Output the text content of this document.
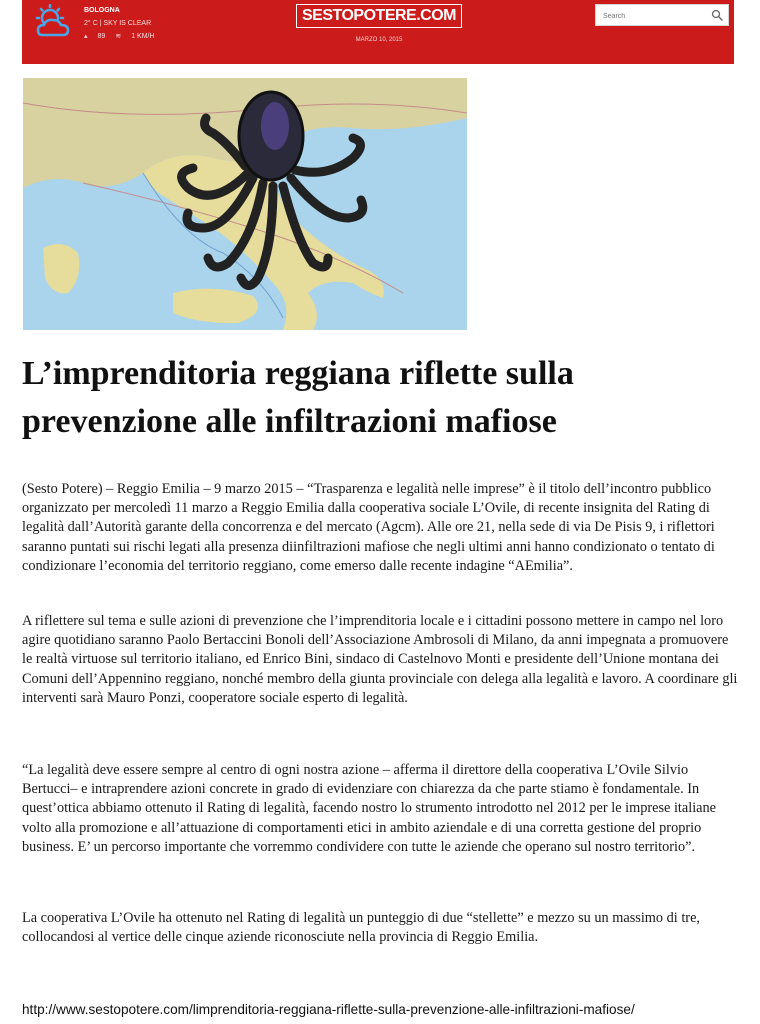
BOLOGNA
2° C | SKY IS CLEAR
▴ 89 ≋ 1 KM/H
SESTOPOTERE.COM
MARZO 10, 2015
Search
L’imprenditoria reggiana riflette sulla prevenzione alle infiltrazioni mafiose

(Sesto Potere) – Reggio Emilia – 9 marzo 2015 – “Trasparenza e legalità nelle imprese” è il titolo dell’incontro pubblico organizzato per mercoledì 11 marzo a Reggio Emilia dalla cooperativa sociale L’Ovile, di recente insignita del Rating di legalità dall’Autorità garante della concorrenza e del mercato (Agcm). Alle ore 21, nella sede di via De Pisis 9, i riflettori saranno puntati sui rischi legati alla presenza diinfiltrazioni mafiose che negli ultimi anni hanno condizionato o tentato di condizionare l’economia del territorio reggiano, come emerso dalle recente indagine “AEmilia”.

A riflettere sul tema e sulle azioni di prevenzione che l’imprenditoria locale e i cittadini possono mettere in campo nel loro agire quotidiano saranno Paolo Bertaccini Bonoli dell’Associazione Ambrosoli di Milano, da anni impegnata a promuovere le realtà virtuose sul territorio italiano, ed Enrico Bini, sindaco di Castelnovo Monti e presidente dell’Unione montana dei Comuni dell’Appennino reggiano, nonché membro della giunta provinciale con delega alla legalità e lavoro. A coordinare gli interventi sarà Mauro Ponzi, cooperatore sociale esperto di legalità.

“La legalità deve essere sempre al centro di ogni nostra azione – afferma il direttore della cooperativa L’Ovile Silvio Bertucci– e intraprendere azioni concrete in grado di evidenziare con chiarezza da che parte stiamo è fondamentale. In quest’ottica abbiamo ottenuto il Rating di legalità, facendo nostro lo strumento introdotto nel 2012 per le imprese italiane volto alla promozione e all’attuazione di comportamenti etici in ambito aziendale e di una corretta gestione del proprio business. E’ un percorso importante che vorremmo condividere con tutte le aziende che operano sul nostro territorio”.

La cooperativa L’Ovile ha ottenuto nel Rating di legalità un punteggio di due “stellette” e mezzo su un massimo di tre, collocandosi al vertice delle cinque aziende riconosciute nella provincia di Reggio Emilia.

http://www.sestopotere.com/limprenditoria-reggiana-riflette-sulla-prevenzione-alle-infiltrazioni-mafiose/
